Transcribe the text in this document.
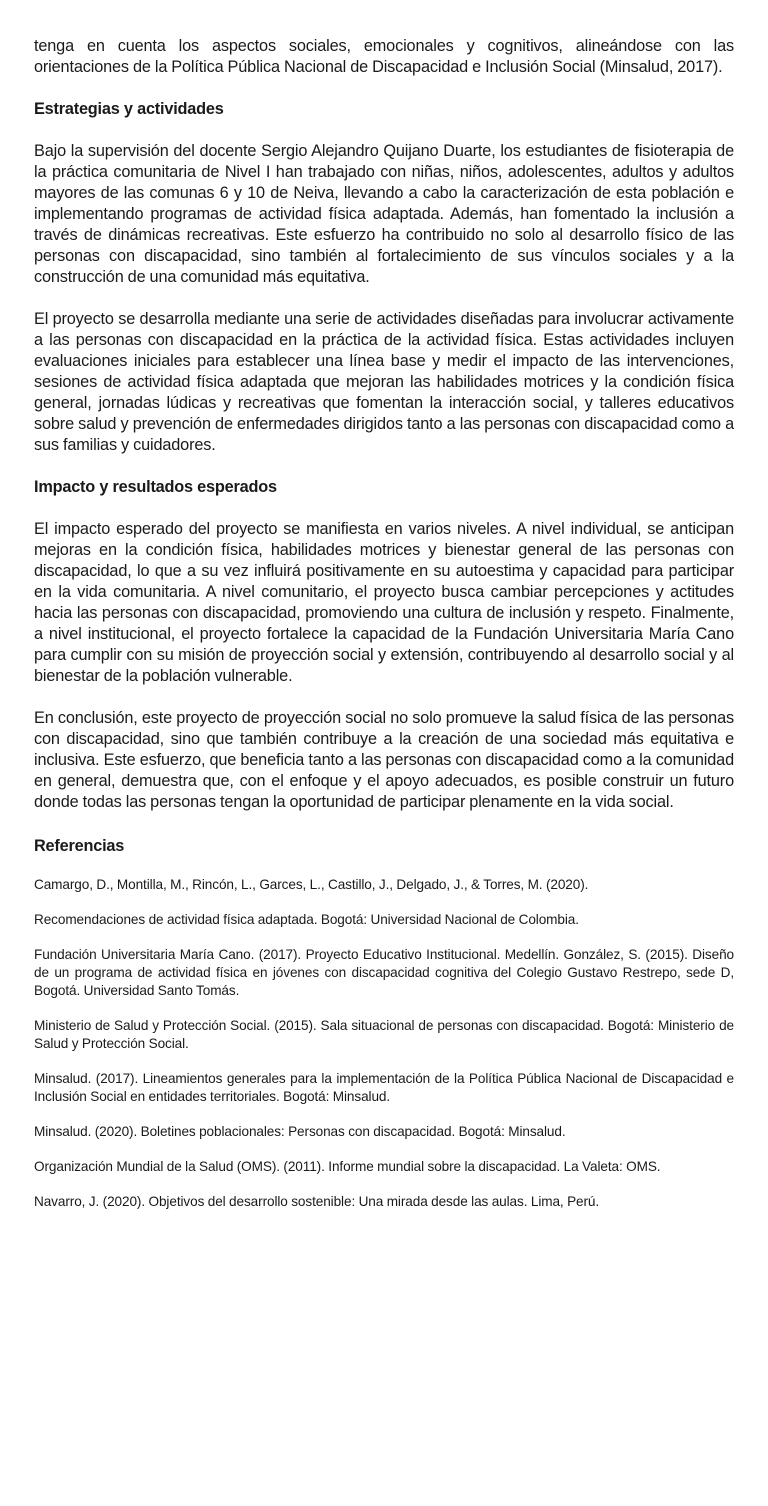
tenga en cuenta los aspectos sociales, emocionales y cognitivos, alineándose con las orientaciones de la Política Pública Nacional de Discapacidad e Inclusión Social (Minsalud, 2017).

Estrategias y actividades

Bajo la supervisión del docente Sergio Alejandro Quijano Duarte, los estudiantes de fisioterapia de la práctica comunitaria de Nivel I han trabajado con niñas, niños, adolescentes, adultos y adultos mayores de las comunas 6 y 10 de Neiva, llevando a cabo la caracterización de esta población e implementando programas de actividad física adaptada. Además, han fomentado la inclusión a través de dinámicas recreativas. Este esfuerzo ha contribuido no solo al desarrollo físico de las personas con discapacidad, sino también al fortalecimiento de sus vínculos sociales y a la construcción de una comunidad más equitativa.

El proyecto se desarrolla mediante una serie de actividades diseñadas para involucrar activamente a las personas con discapacidad en la práctica de la actividad física. Estas actividades incluyen evaluaciones iniciales para establecer una línea base y medir el impacto de las intervenciones, sesiones de actividad física adaptada que mejoran las habilidades motrices y la condición física general, jornadas lúdicas y recreativas que fomentan la interacción social, y talleres educativos sobre salud y prevención de enfermedades dirigidos tanto a las personas con discapacidad como a sus familias y cuidadores.

Impacto y resultados esperados

El impacto esperado del proyecto se manifiesta en varios niveles. A nivel individual, se anticipan mejoras en la condición física, habilidades motrices y bienestar general de las personas con discapacidad, lo que a su vez influirá positivamente en su autoestima y capacidad para participar en la vida comunitaria. A nivel comunitario, el proyecto busca cambiar percepciones y actitudes hacia las personas con discapacidad, promoviendo una cultura de inclusión y respeto. Finalmente, a nivel institucional, el proyecto fortalece la capacidad de la Fundación Universitaria María Cano para cumplir con su misión de proyección social y extensión, contribuyendo al desarrollo social y al bienestar de la población vulnerable.

En conclusión, este proyecto de proyección social no solo promueve la salud física de las personas con discapacidad, sino que también contribuye a la creación de una sociedad más equitativa e inclusiva. Este esfuerzo, que beneficia tanto a las personas con discapacidad como a la comunidad en general, demuestra que, con el enfoque y el apoyo adecuados, es posible construir un futuro donde todas las personas tengan la oportunidad de participar plenamente en la vida social.

Referencias

Camargo, D., Montilla, M., Rincón, L., Garces, L., Castillo, J., Delgado, J., & Torres, M. (2020).

Recomendaciones de actividad física adaptada. Bogotá: Universidad Nacional de Colombia.

Fundación Universitaria María Cano. (2017). Proyecto Educativo Institucional. Medellín. González, S. (2015). Diseño de un programa de actividad física en jóvenes con discapacidad cognitiva del Colegio Gustavo Restrepo, sede D, Bogotá. Universidad Santo Tomás.

Ministerio de Salud y Protección Social. (2015). Sala situacional de personas con discapacidad. Bogotá: Ministerio de Salud y Protección Social.

Minsalud. (2017). Lineamientos generales para la implementación de la Política Pública Nacional de Discapacidad e Inclusión Social en entidades territoriales. Bogotá: Minsalud.

Minsalud. (2020). Boletines poblacionales: Personas con discapacidad. Bogotá: Minsalud.

Organización Mundial de la Salud (OMS). (2011). Informe mundial sobre la discapacidad. La Valeta: OMS.

Navarro, J. (2020). Objetivos del desarrollo sostenible: Una mirada desde las aulas. Lima, Perú.
